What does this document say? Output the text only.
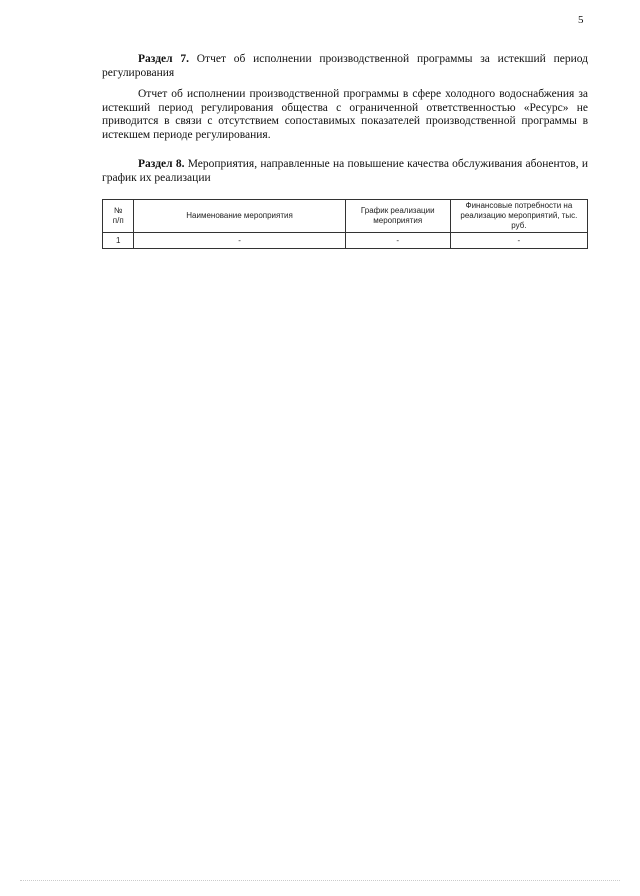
5
Раздел 7. Отчет об исполнении производственной программы за истекший период регулирования
Отчет об исполнении производственной программы в сфере холодного водоснабжения за истекший период регулирования общества с ограниченной ответственностью «Ресурс» не приводится в связи с отсутствием сопоставимых показателей производственной программы в истекшем периоде регулирования.
Раздел 8. Мероприятия, направленные на повышение качества обслуживания абонентов, и график их реализации
№
п/п	Наименование мероприятия	График реализации мероприятия	Финансовые потребности на реализацию мероприятий, тыс. руб.
1	-	-	-
